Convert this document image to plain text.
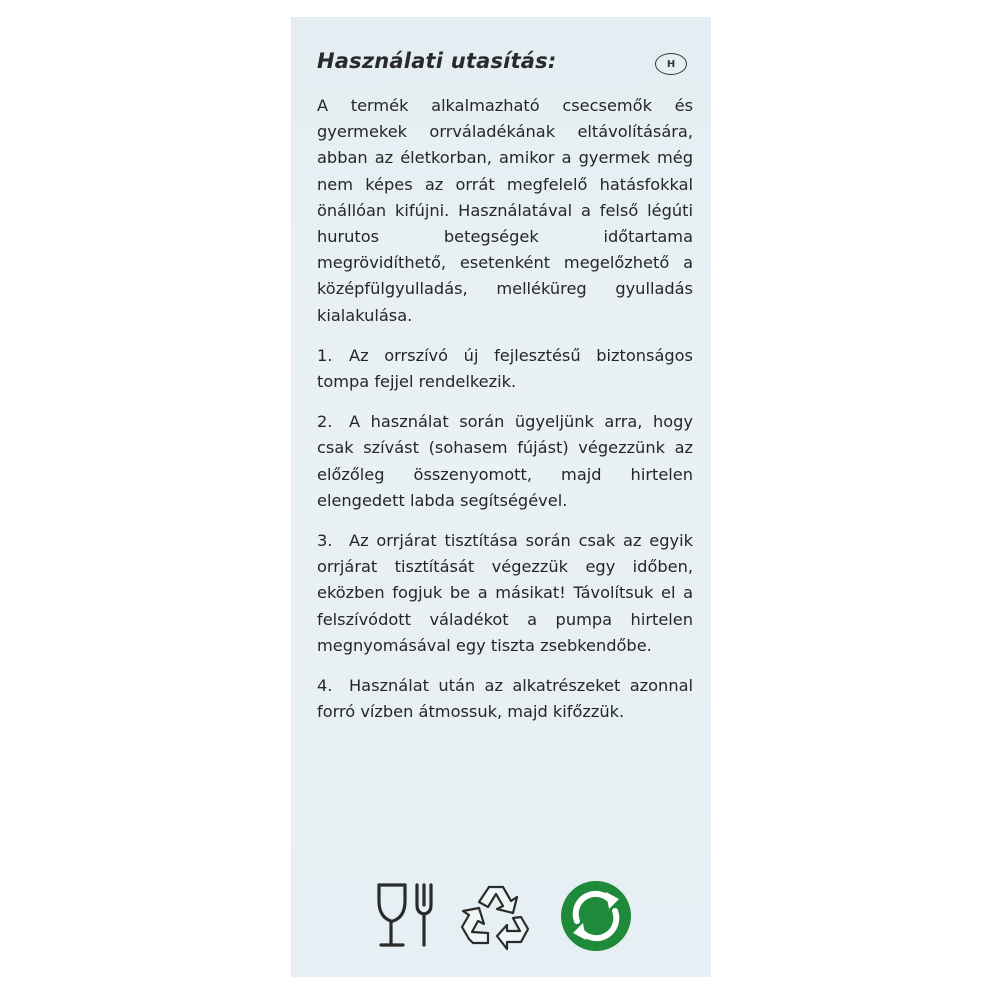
Használati utasítás:	H

A termék alkalmazható csecsemők és gyermekek orrváladékának eltávolítására, abban az életkorban, amikor a gyermek még nem képes az orrát megfelelő hatásfokkal önállóan kifújni. Használatával a felső légúti hurutos betegségek időtartama megrövidíthető, esetenként megelőzhető a középfülgyulladás, melléküreg gyulladás kialakulása.

1. Az orrszívó új fejlesztésű biztonságos tompa fejjel rendelkezik.

2. A használat során ügyeljünk arra, hogy csak szívást (sohasem fújást) végezzünk az előzőleg összenyomott, majd hirtelen elengedett labda segítségével.

3. Az orrjárat tisztítása során csak az egyik orrjárat tisztítását végezzük egy időben, eközben fogjuk be a másikat! Távolítsuk el a felszívódott váladékot a pumpa hirtelen megnyomásával egy tiszta zsebkendőbe.

4. Használat után az alkatrészeket azonnal forró vízben átmossuk, majd kifőzzük.
